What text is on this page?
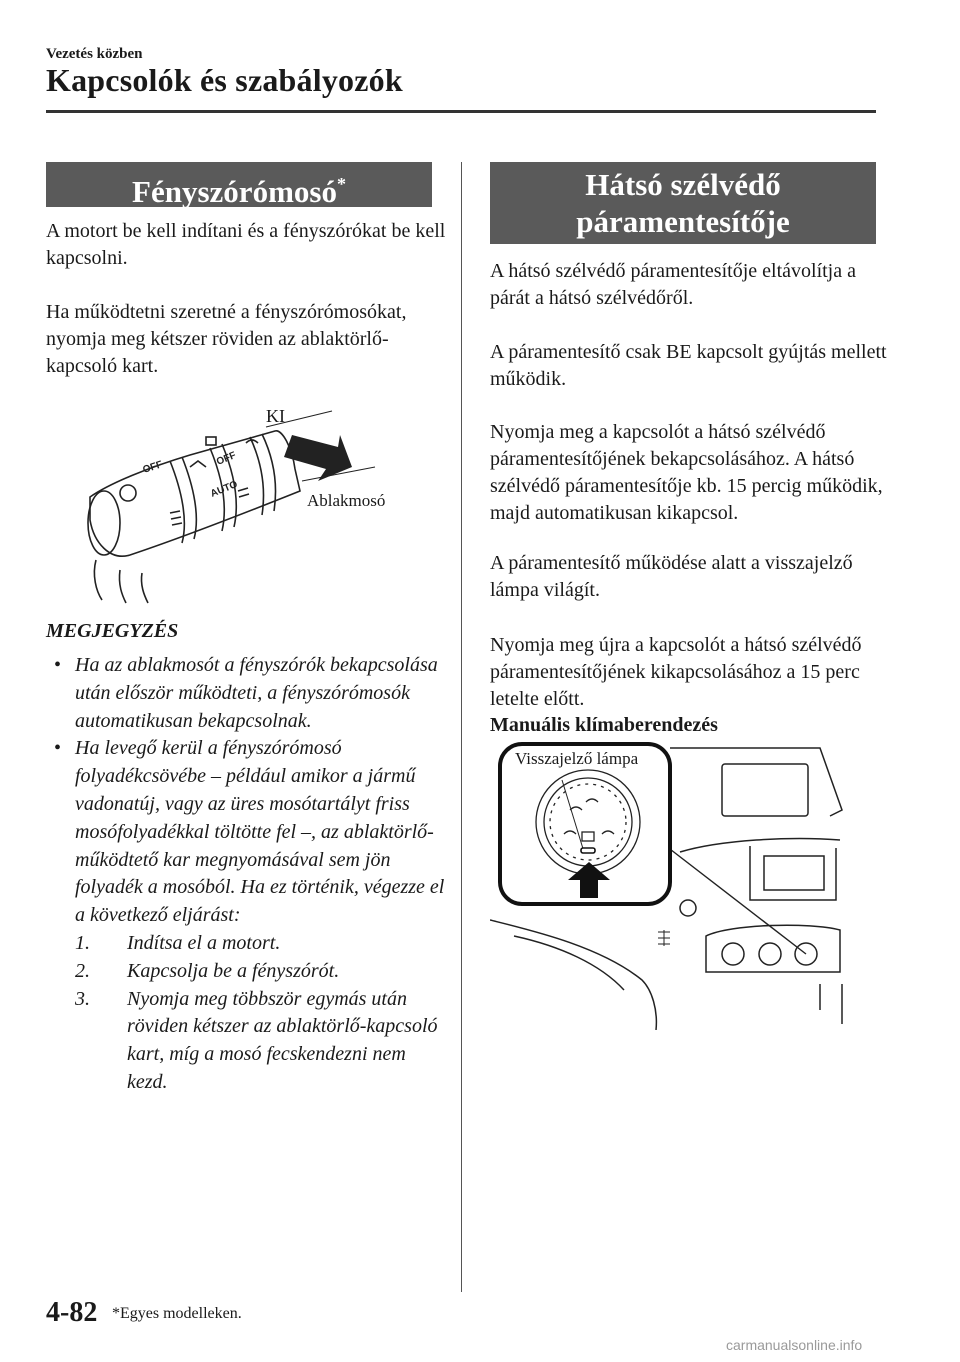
Vezetés közben
Kapcsolók és szabályozók
Fényszórómosó*
A motort be kell indítani és a fényszórókat be kell kapcsolni.
Ha működtetni szeretné a fényszórómosókat, nyomja meg kétszer röviden az ablaktörlő-kapcsoló kart.
AUTO
OFF	OFF
KI
Ablakmosó
MEGJEGYZÉS
• Ha az ablakmosót a fényszórók bekapcsolása után először működteti, a fényszórómosók automatikusan bekapcsolnak.
• Ha levegő kerül a fényszórómosó folyadékcsövébe – például amikor a jármű vadonatúj, vagy az üres mosótartályt friss mosófolyadékkal töltötte fel –, az ablaktörlő-működtető kar megnyomásával sem jön folyadék a mosóból. Ha ez történik, végezze el a következő eljárást:
1. Indítsa el a motort.
2. Kapcsolja be a fényszórót.
3. Nyomja meg többször egymás után röviden kétszer az ablaktörlő-kapcsoló kart, míg a mosó fecskendezni nem kezd.
Hátsó szélvédő
páramentesítője
A hátsó szélvédő páramentesítője eltávolítja a párát a hátsó szélvédőről.
A páramentesítő csak BE kapcsolt gyújtás mellett működik.
Nyomja meg a kapcsolót a hátsó szélvédő páramentesítőjének bekapcsolásához. A hátsó szélvédő páramentesítője kb. 15 percig működik, majd automatikusan kikapcsol.
A páramentesítő működése alatt a visszajelző lámpa világít.
Nyomja meg újra a kapcsolót a hátsó szélvédő páramentesítőjének kikapcsolásához a 15 perc letelte előtt.
Manuális klímaberendezés
Visszajelző lámpa
4-82 *Egyes modelleken.
carmanualsonline.info
